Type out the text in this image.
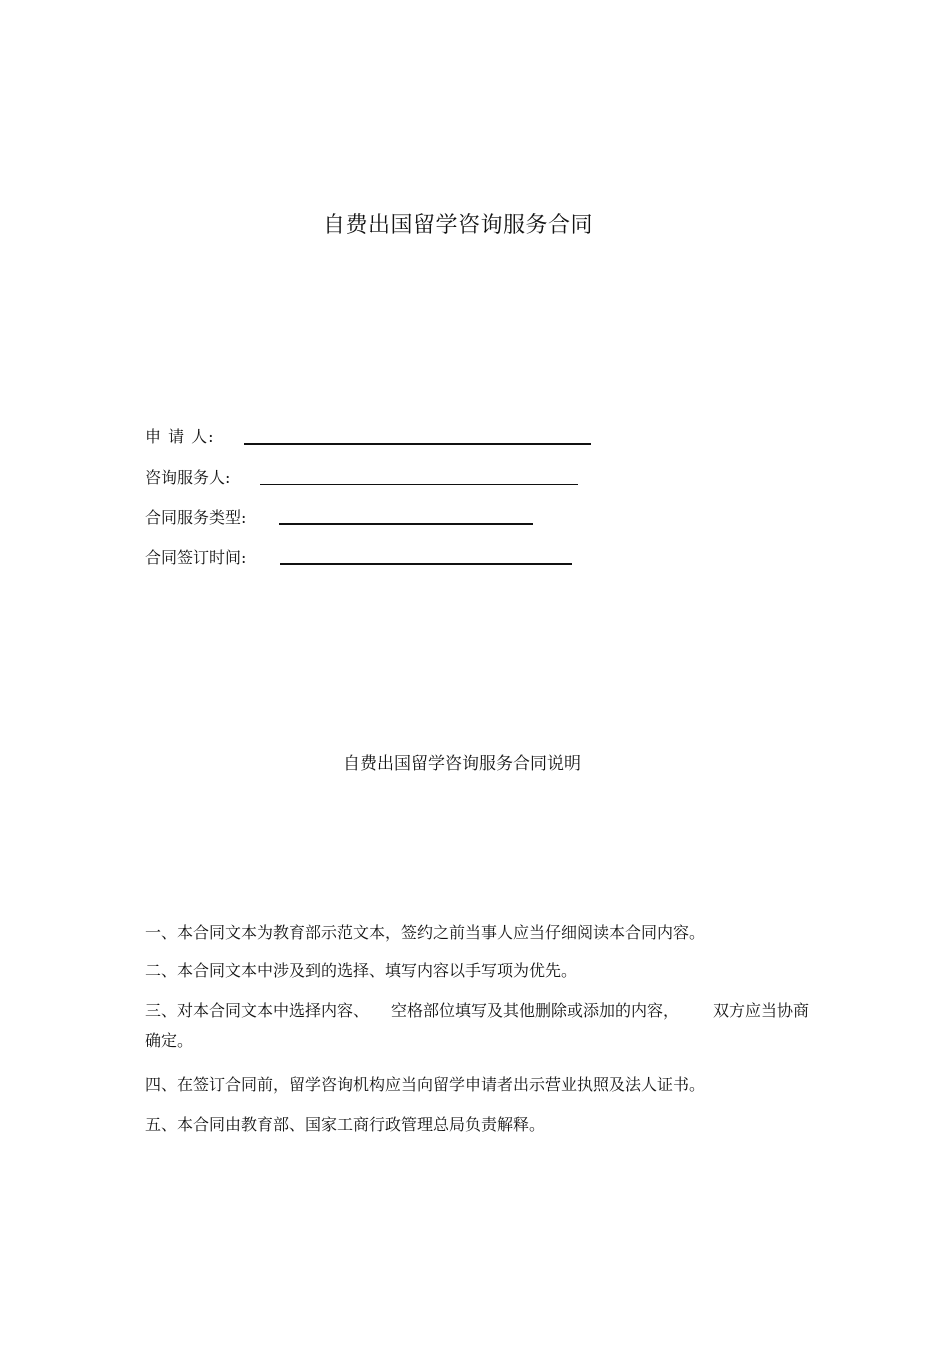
自费出国留学咨询服务合同
申 请 人:
咨询服务人:
合同服务类型:
合同签订时间:
自费出国留学咨询服务合同说明
一、本合同文本为教育部示范文本，签约之前当事人应当仔细阅读本合同内容。
二、本合同文本中涉及到的选择、填写内容以手写项为优先。
三、对本合同文本中选择内容、 空格部位填写及其他删除或添加的内容， 双方应当协商确定。
四、在签订合同前，留学咨询机构应当向留学申请者出示营业执照及法人证书。
五、本合同由教育部、国家工商行政管理总局负责解释。
